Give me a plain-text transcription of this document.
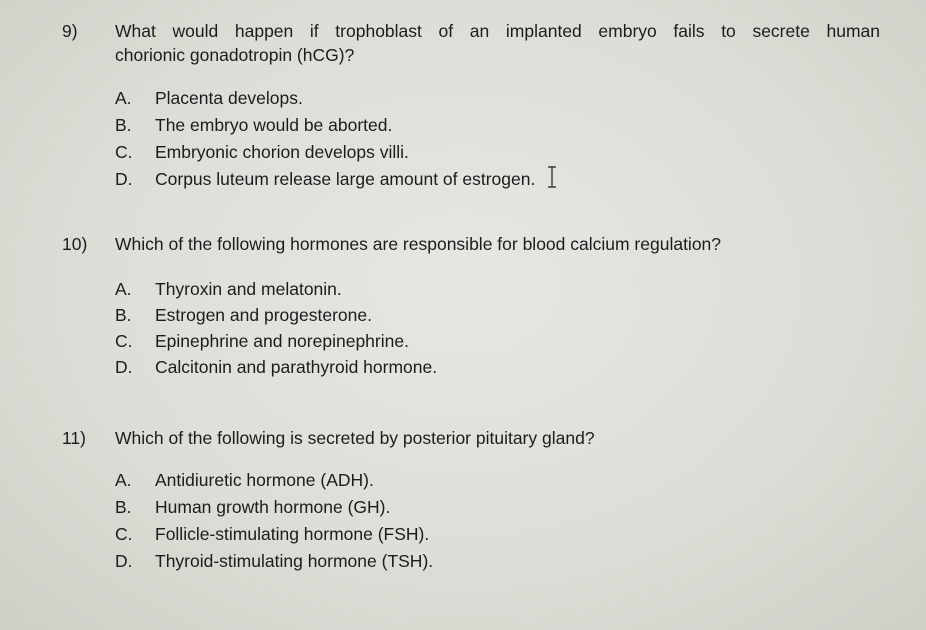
9) What would happen if trophoblast of an implanted embryo fails to secrete human
chorionic gonadotropin (hCG)?
A. Placenta develops.
B. The embryo would be aborted.
C. Embryonic chorion develops villi.
D. Corpus luteum release large amount of estrogen.
10) Which of the following hormones are responsible for blood calcium regulation?
A. Thyroxin and melatonin.
B. Estrogen and progesterone.
C. Epinephrine and norepinephrine.
D. Calcitonin and parathyroid hormone.
11) Which of the following is secreted by posterior pituitary gland?
A. Antidiuretic hormone (ADH).
B. Human growth hormone (GH).
C. Follicle-stimulating hormone (FSH).
D. Thyroid-stimulating hormone (TSH).
